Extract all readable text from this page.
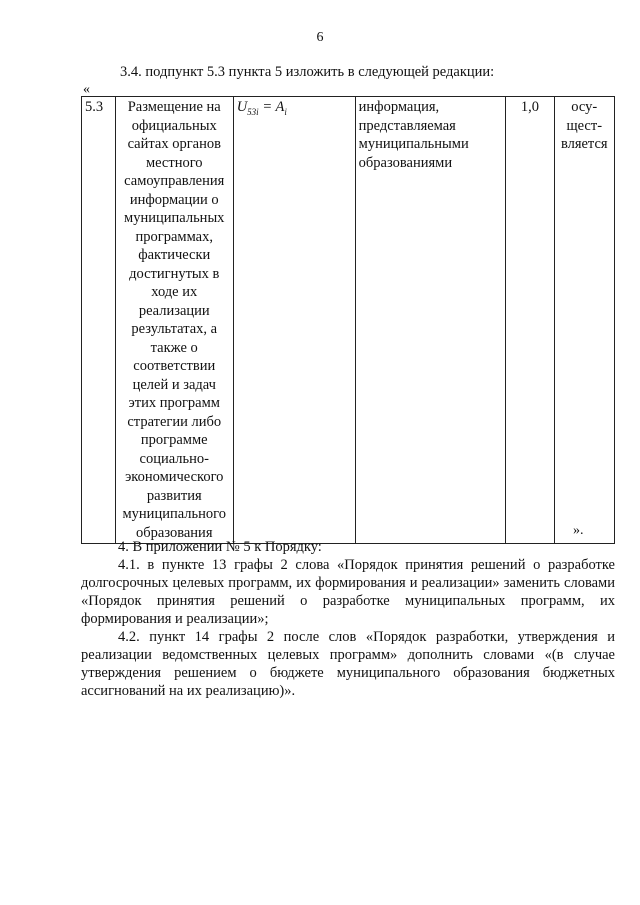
6
3.4. подпункт 5.3 пункта 5 изложить в следующей редакции:
«
5.3	Размещение на официальных сайтах органов местного самоуправления информации о муниципальных программах, фактически достигнутых в ходе их реализации результатах, а также о соответствии целей и задач этих программ стратегии либо программе социально-экономического развития муниципального образования	$U_{53i} = A_i$	информация, представляемая муниципальными образованиями	1,0	осу-щест-вляется
».
4. В приложении № 5 к Порядку:
4.1. в пункте 13 графы 2 слова «Порядок принятия решений о разработке долгосрочных целевых программ, их формирования и реализации» заменить словами «Порядок принятия решений о разработке муниципальных программ, их формирования и реализации»;
4.2. пункт 14 графы 2 после слов «Порядок разработки, утверждения и реализации ведомственных целевых программ» дополнить словами «(в случае утверждения решением о бюджете муниципального образования бюджетных ассигнований на их реализацию)».
